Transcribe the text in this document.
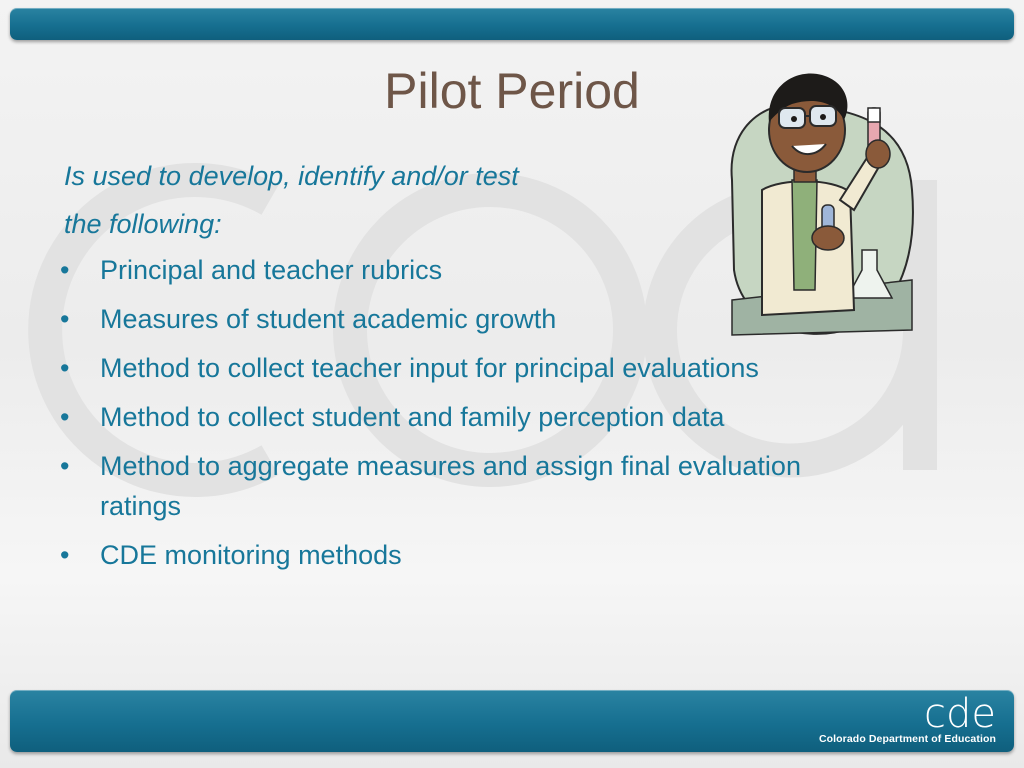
Pilot Period
Is used to develop, identify and/or test
the following:
• Principal and teacher rubrics
• Measures of student academic growth
• Method to collect teacher input for principal evaluations
• Method to collect student and family perception data
• Method to aggregate measures and assign final evaluation ratings
• CDE monitoring methods
cde
Colorado Department of Education
